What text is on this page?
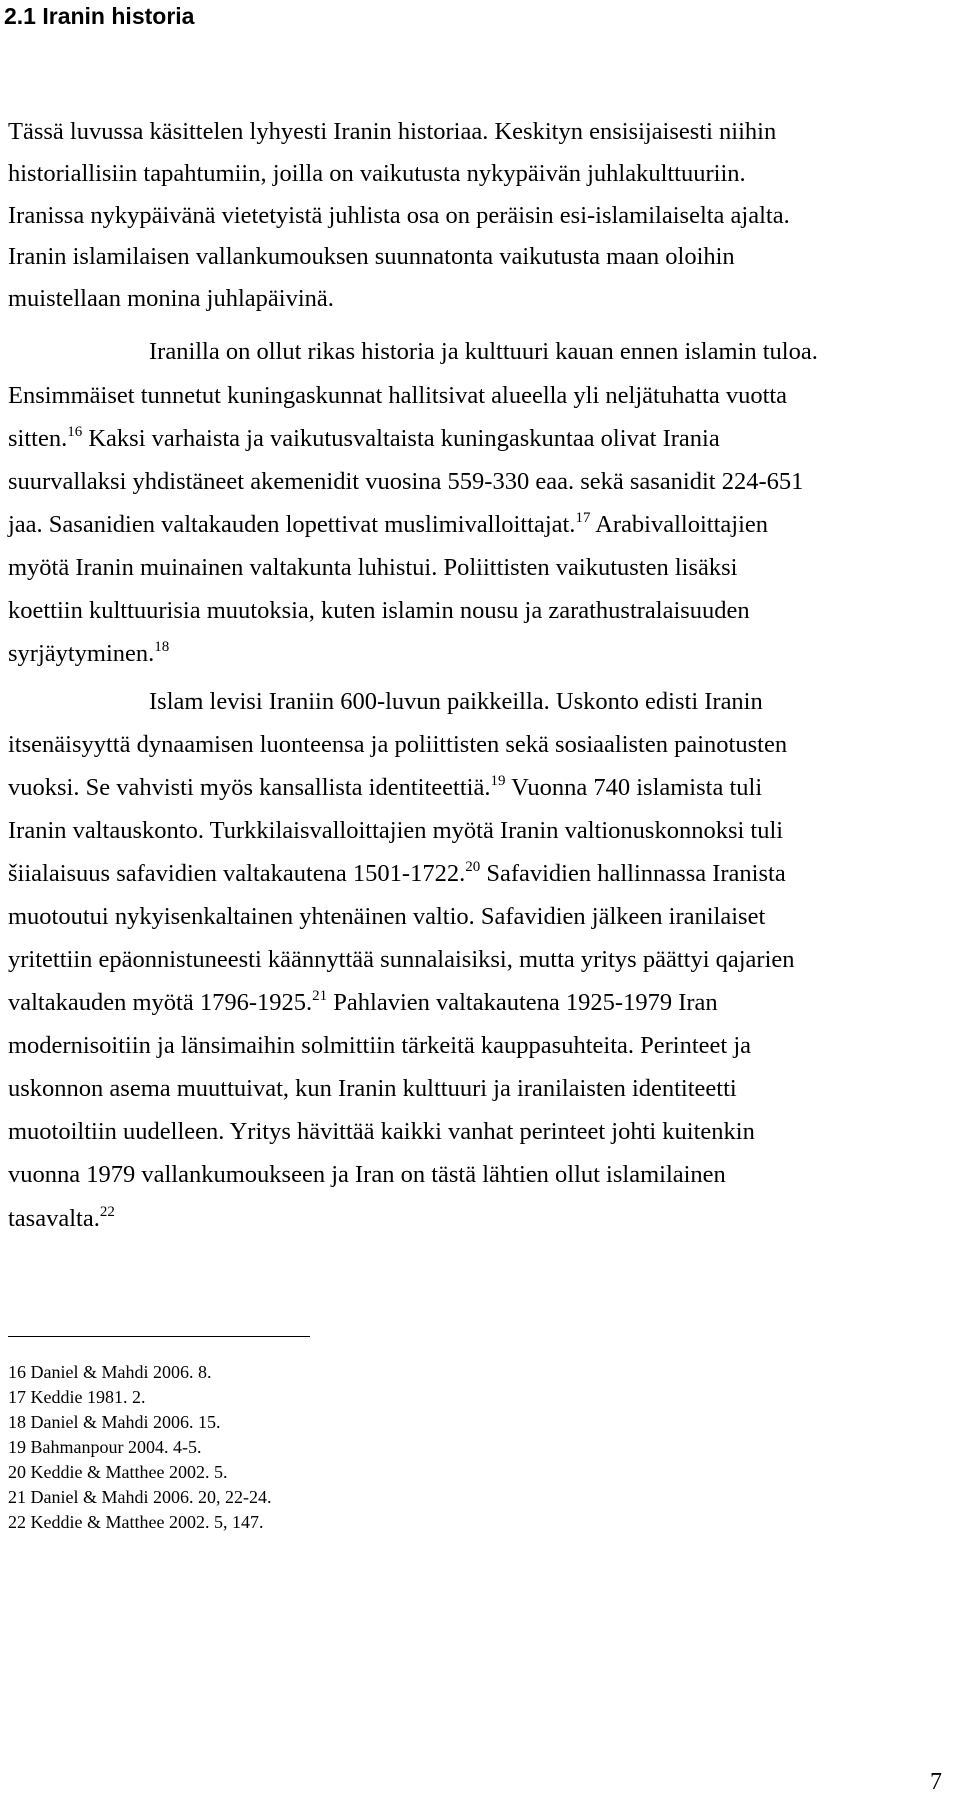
2.1 Iranin historia
Tässä luvussa käsittelen lyhyesti Iranin historiaa. Keskityn ensisijaisesti niihin
historiallisiin tapahtumiin, joilla on vaikutusta nykypäivän juhlakulttuuriin.
Iranissa nykypäivänä vietetyistä juhlista osa on peräisin esi-islamilaiselta ajalta.
Iranin islamilaisen vallankumouksen suunnatonta vaikutusta maan oloihin
muistellaan monina juhlapäivinä.
Iranilla on ollut rikas historia ja kulttuuri kauan ennen islamin tuloa.
Ensimmäiset tunnetut kuningaskunnat hallitsivat alueella yli neljätuhatta vuotta
sitten.$^{16}$ Kaksi varhaista ja vaikutusvaltaista kuningaskuntaa olivat Irania
suurvallaksi yhdistäneet akemenidit vuosina 559-330 eaa. sekä sasanidit 224-651
jaa. Sasanidien valtakauden lopettivat muslimivalloittajat.$^{17}$ Arabivalloittajien
myötä Iranin muinainen valtakunta luhistui. Poliittisten vaikutusten lisäksi
koettiin kulttuurisia muutoksia, kuten islamin nousu ja zarathustralaisuuden
syrjäytyminen.$^{18}$
Islam levisi Iraniin 600-luvun paikkeilla. Uskonto edisti Iranin
itsenäisyyttä dynaamisen luonteensa ja poliittisten sekä sosiaalisten painotusten
vuoksi. Se vahvisti myös kansallista identiteettiä.$^{19}$ Vuonna 740 islamista tuli
Iranin valtauskonto. Turkkilaisvalloittajien myötä Iranin valtionuskonnoksi tuli
šiialaisuus safavidien valtakautena 1501-1722.20 Safavidien hallinnassa Iranista
muotoutui nykyisenkaltainen yhtenäinen valtio. Safavidien jälkeen iranilaiset
yritettiin epäonnistuneesti käännyttää sunnalaisiksi, mutta yritys päättyi qajarien
valtakauden myötä 1796-1925.21 Pahlavien valtakautena 1925-1979 Iran
modernisoitiin ja länsimaihin solmittiin tärkeitä kauppasuhteita. Perinteet ja
uskonnon asema muuttuivat, kun Iranin kulttuuri ja iranilaisten identiteetti
muotoiltiin uudelleen. Yritys hävittää kaikki vanhat perinteet johti kuitenkin
vuonna 1979 vallankumoukseen ja Iran on tästä lähtien ollut islamilainen
tasavalta.$^{22}$
16 Daniel & Mahdi 2006. 8.
17 Keddie 1981. 2.
18 Daniel & Mahdi 2006. 15.
19 Bahmanpour 2004. 4-5.
20 Keddie & Matthee 2002. 5.
21 Daniel & Mahdi 2006. 20, 22-24.
22 Keddie & Matthee 2002. 5, 147.
7
